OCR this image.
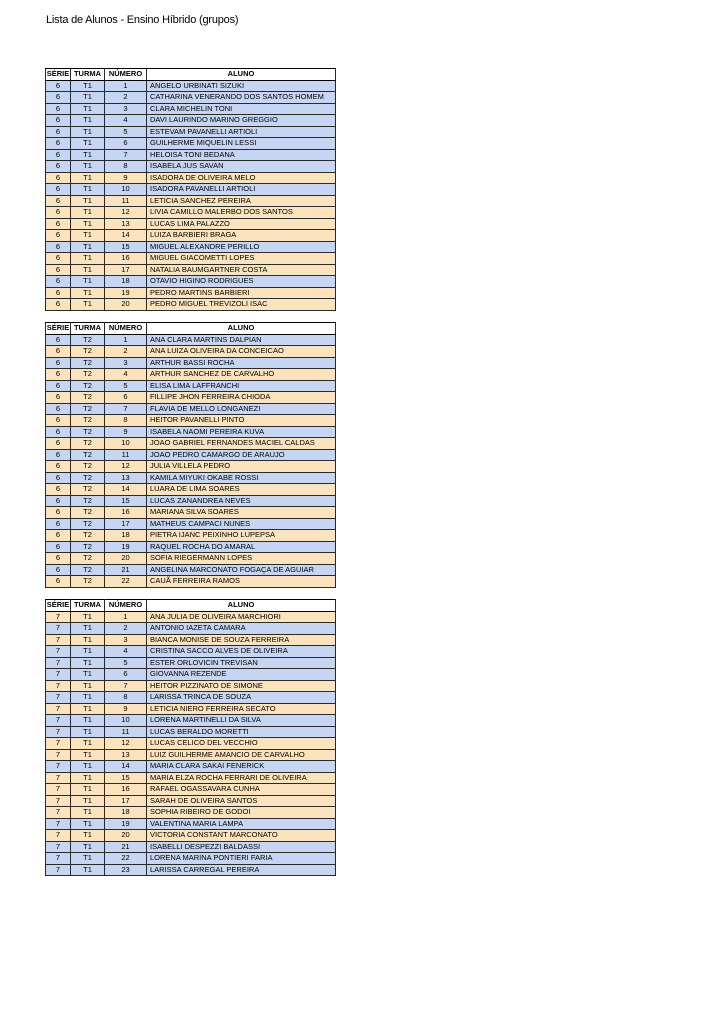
Lista de Alunos - Ensino Híbrido (grupos)
SÉRIE	TURMA	NÚMERO	ALUNO
6	T1	1	ANGELO URBINATI SIZUKI
6	T1	2	CATHARINA VENERANDO DOS SANTOS HOMEM
6	T1	3	CLARA MICHELIN TONI
6	T1	4	DAVI LAURINDO MARINO GREGGIO
6	T1	5	ESTEVAM PAVANELLI ARTIOLI
6	T1	6	GUILHERME MIQUELIN LESSI
6	T1	7	HELOISA TONI BEDANA
6	T1	8	ISABELA JUS SAVAN
6	T1	9	ISADORA DE OLIVEIRA MELO
6	T1	10	ISADORA PAVANELLI ARTIOLI
6	T1	11	LETICIA SANCHEZ PEREIRA
6	T1	12	LIVIA CAMILLO MALERBO DOS SANTOS
6	T1	13	LUCAS LIMA PALAZZO
6	T1	14	LUIZA BARBIERI BRAGA
6	T1	15	MIGUEL ALEXANDRE PERILLO
6	T1	16	MIGUEL GIACOMETTI LOPES
6	T1	17	NATALIA BAUMGARTNER COSTA
6	T1	18	OTAVIO HIGINO RODRIGUES
6	T1	19	PEDRO MARTINS BARBIERI
6	T1	20	PEDRO MIGUEL TREVIZOLI ISAC
SÉRIE	TURMA	NÚMERO	ALUNO
6	T2	1	ANA CLARA MARTINS DALPIAN
6	T2	2	ANA LUIZA OLIVEIRA DA CONCEICAO
6	T2	3	ARTHUR BASSI ROCHA
6	T2	4	ARTHUR SANCHEZ DE CARVALHO
6	T2	5	ELISA LIMA LAFFRANCHI
6	T2	6	FILLIPE JHON FERREIRA CHIODA
6	T2	7	FLAVIA DE MELLO LONGANEZI
6	T2	8	HEITOR PAVANELLI PINTO
6	T2	9	ISABELA NAOMI PEREIRA KUVA
6	T2	10	JOAO GABRIEL FERNANDES MACIEL CALDAS
6	T2	11	JOAO PEDRO CAMARGO DE ARAUJO
6	T2	12	JULIA VILLELA PEDRO
6	T2	13	KAMILA MIYUKI OKABE ROSSI
6	T2	14	LUARA DE LIMA SOARES
6	T2	15	LUCAS ZANANDREA NEVES
6	T2	16	MARIANA SILVA SOARES
6	T2	17	MATHEUS CAMPACI NUNES
6	T2	18	PIETRA IJANC PEIXINHO LUPEPSA
6	T2	19	RAQUEL ROCHA DO AMARAL
6	T2	20	SOFIA RIEGERMANN LOPES
6	T2	21	ANGELINA MARCONATO FOGAÇA DE AGUIAR
6	T2	22	CAUÃ FERREIRA RAMOS
SÉRIE	TURMA	NÚMERO	ALUNO
7	T1	1	ANA JULIA DE OLIVEIRA MARCHIORI
7	T1	2	ANTONIO IAZETA CAMARA
7	T1	3	BIANCA MONISE DE SOUZA FERREIRA
7	T1	4	CRISTINA SACCO ALVES DE OLIVEIRA
7	T1	5	ESTER ORLOVICIN TREVISAN
7	T1	6	GIOVANNA REZENDE
7	T1	7	HEITOR PIZZINATO DE SIMONE
7	T1	8	LARISSA TRINCA DE SOUZA
7	T1	9	LETICIA NIERO FERREIRA SECATO
7	T1	10	LORENA MARTINELLI DA SILVA
7	T1	11	LUCAS BERALDO MORETTI
7	T1	12	LUCAS CELICO DEL VECCHIO
7	T1	13	LUIZ GUILHERME AMANCIO DE CARVALHO
7	T1	14	MARIA CLARA SAKAI FENERICK
7	T1	15	MARIA ELZA ROCHA FERRARI DE OLIVEIRA
7	T1	16	RAFAEL OGASSAVARA CUNHA
7	T1	17	SARAH DE OLIVEIRA SANTOS
7	T1	18	SOPHIA RIBEIRO DE GODOI
7	T1	19	VALENTINA MARIA LAMPA
7	T1	20	VICTORIA CONSTANT MARCONATO
7	T1	21	ISABELLI DESPEZZI BALDASSI
7	T1	22	LORENA MARINA PONTIERI FARIA
7	T1	23	LARISSA CARREGAL PEREIRA
